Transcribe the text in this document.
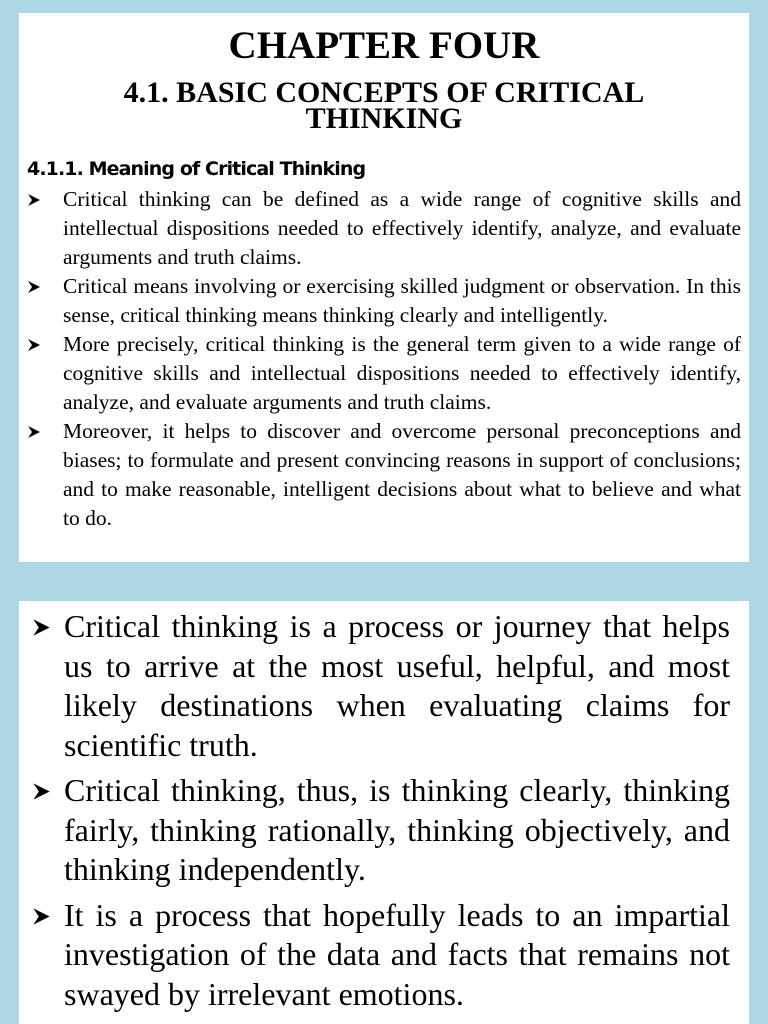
CHAPTER FOUR
4.1. BASIC CONCEPTS OF CRITICAL THINKING
4.1.1. Meaning of Critical Thinking
Critical thinking can be defined as a wide range of cognitive skills and intellectual dispositions needed to effectively identify, analyze, and evaluate arguments and truth claims.
Critical means involving or exercising skilled judgment or observation. In this sense, critical thinking means thinking clearly and intelligently.
More precisely, critical thinking is the general term given to a wide range of cognitive skills and intellectual dispositions needed to effectively identify, analyze, and evaluate arguments and truth claims.
Moreover, it helps to discover and overcome personal preconceptions and biases; to formulate and present convincing reasons in support of conclusions; and to make reasonable, intelligent decisions about what to believe and what to do.
Critical thinking is a process or journey that helps us to arrive at the most useful, helpful, and most likely destinations when evaluating claims for scientific truth.
Critical thinking, thus, is thinking clearly, thinking fairly, thinking rationally, thinking objectively, and thinking independently.
It is a process that hopefully leads to an impartial investigation of the data and facts that remains not swayed by irrelevant emotions.
